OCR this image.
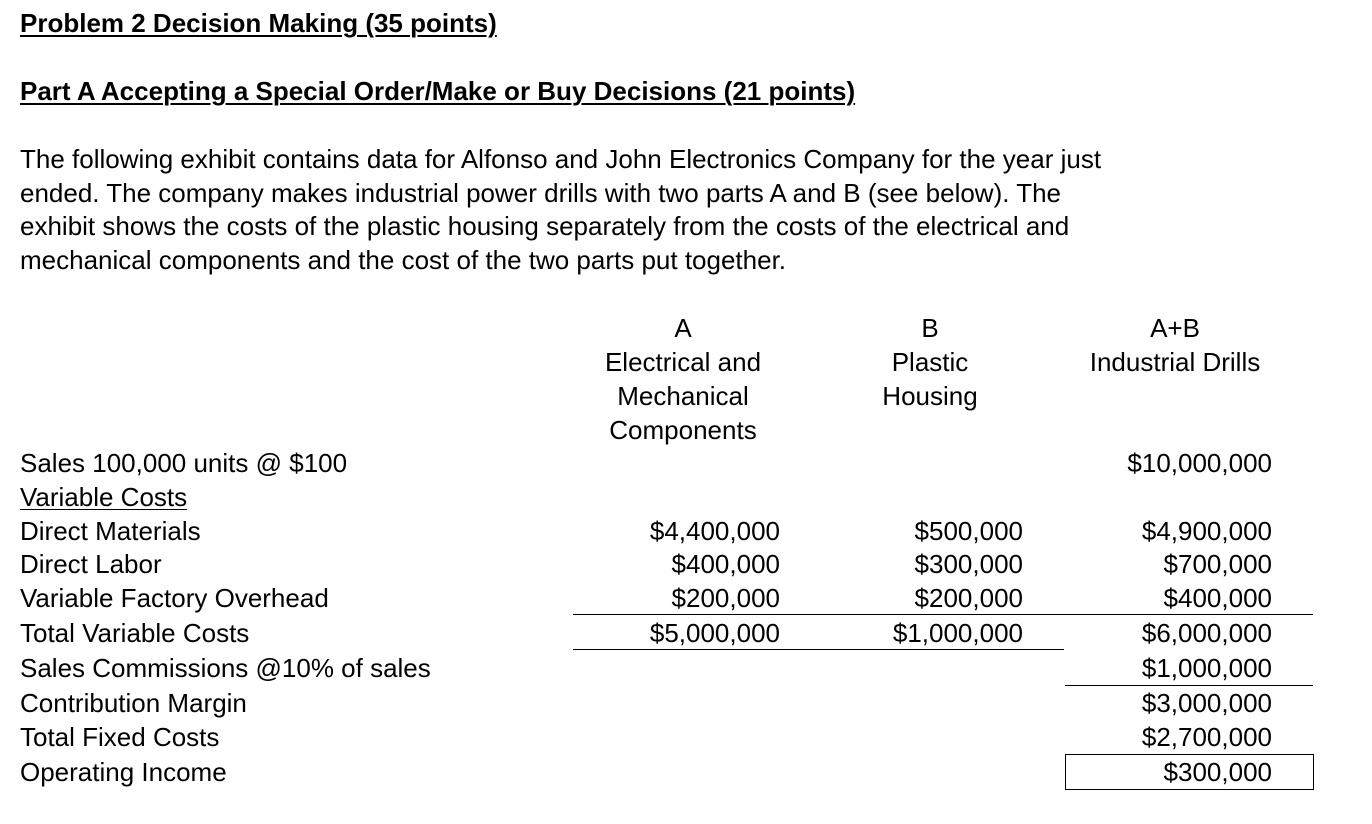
Problem 2 Decision Making (35 points)
Part A Accepting a Special Order/Make or Buy Decisions (21 points)
The following exhibit contains data for Alfonso and John Electronics Company for the year just
ended. The company makes industrial power drills with two parts A and B (see below). The
exhibit shows the costs of the plastic housing separately from the costs of the electrical and
mechanical components and the cost of the two parts put together.
A
Electrical and
Mechanical
Components
B
Plastic
Housing
A+B
Industrial Drills
Sales 100,000 units @ $100
Variable Costs
Direct Materials
Direct Labor
Variable Factory Overhead
Total Variable Costs
Sales Commissions @10% of sales
Contribution Margin
Total Fixed Costs
Operating Income
$4,400,000
$400,000
$200,000
$5,000,000
$500,000
$300,000
$200,000
$1,000,000
$10,000,000
$4,900,000
$700,000
$400,000
$6,000,000
$1,000,000
$3,000,000
$2,700,000
$300,000
